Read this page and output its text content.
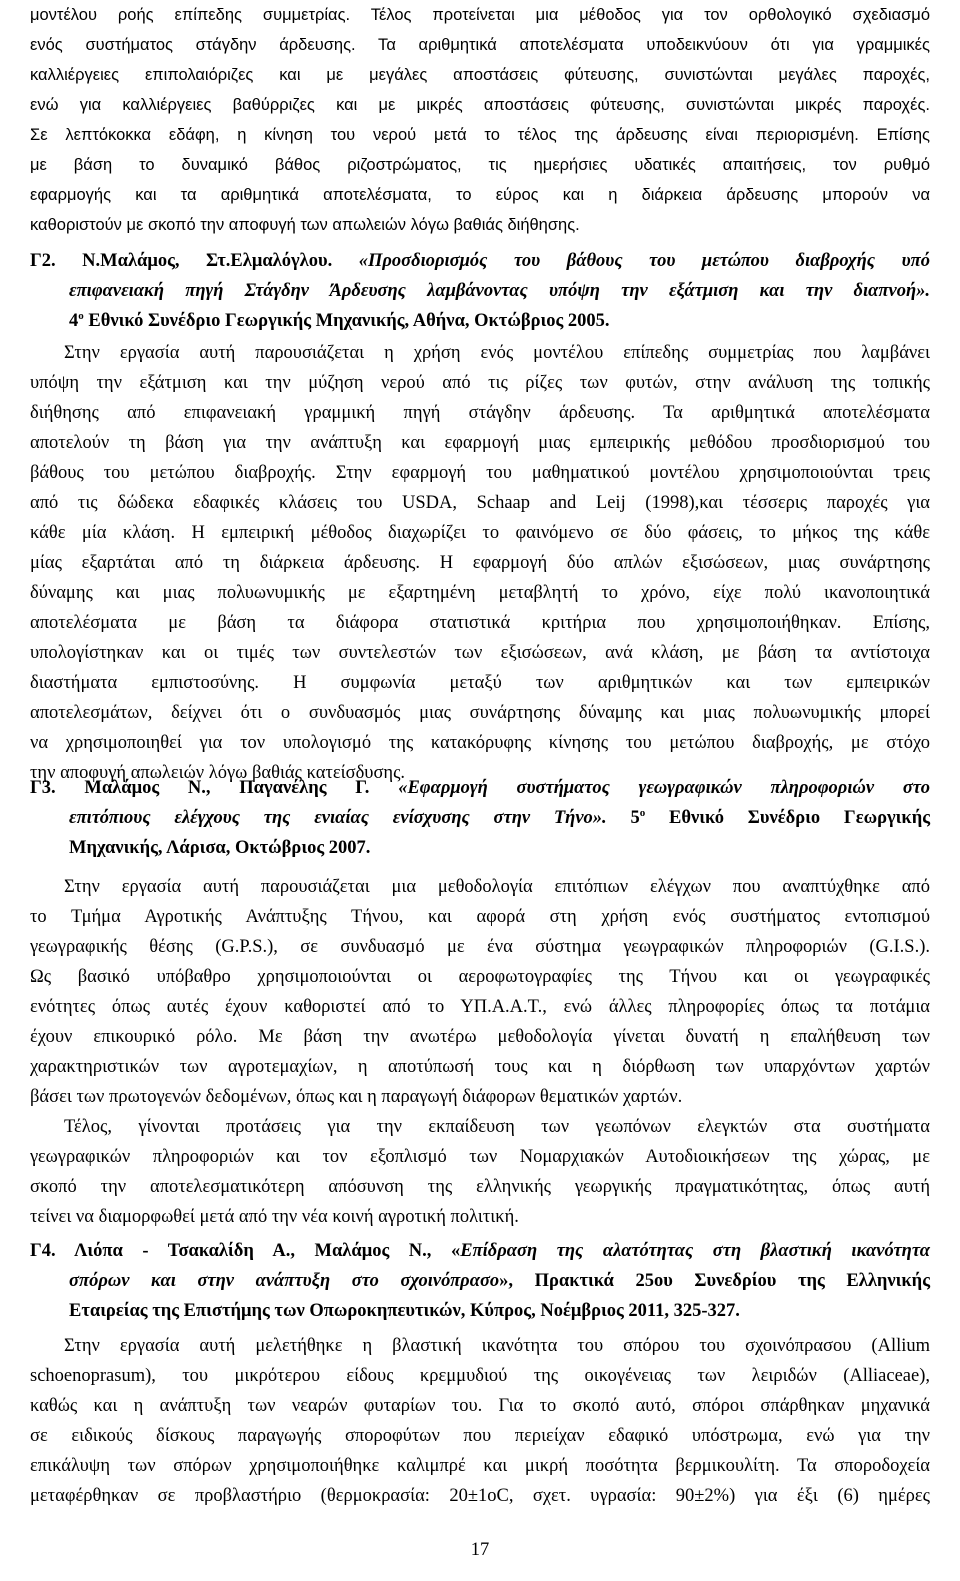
μοντέλου ροής επίπεδης συμμετρίας. Τέλος προτείνεται μια μέθοδος για τον ορθολογικό σχεδιασμό
ενός συστήματος στάγδην άρδευσης. Τα αριθμητικά αποτελέσματα υποδεικνύουν ότι για γραμμικές
καλλιέργειες επιπολαιόριζες και με μεγάλες αποστάσεις φύτευσης, συνιστώνται μεγάλες παροχές,
ενώ για καλλιέργειες βαθύρριζες και με μικρές αποστάσεις φύτευσης, συνιστώνται μικρές παροχές.
Σε λεπτόκοκκα εδάφη, η κίνηση του νερού μετά το τέλος της άρδευσης είναι περιορισμένη. Επίσης
με βάση το δυναμικό βάθος ριζοστρώματος, τις ημερήσιες υδατικές απαιτήσεις, τον ρυθμό
εφαρμογής και τα αριθμητικά αποτελέσματα, το εύρος και η διάρκεια άρδευσης μπορούν να
καθοριστούν με σκοπό την αποφυγή των απωλειών λόγω βαθιάς διήθησης.
Γ2. Ν.Μαλάμος, Στ.Ελμαλόγλου. «Προσδιορισμός του βάθους του μετώπου διαβροχής υπό
επιφανειακή πηγή Στάγδην Άρδευσης λαμβάνοντας υπόψη την εξάτμιση και την διαπνοή».
$4^o$ Εθνικό Συνέδριο Γεωργικής Μηχανικής, Αθήνα, Οκτώβριος 2005.
Στην εργασία αυτή παρουσιάζεται η χρήση ενός μοντέλου επίπεδης συμμετρίας που λαμβάνει
υπόψη την εξάτμιση και την μύζηση νερού από τις ρίζες των φυτών, στην ανάλυση της τοπικής
διήθησης από επιφανειακή γραμμική πηγή στάγδην άρδευσης. Τα αριθμητικά αποτελέσματα
αποτελούν τη βάση για την ανάπτυξη και εφαρμογή μιας εμπειρικής μεθόδου προσδιορισμού του
βάθους του μετώπου διαβροχής. Στην εφαρμογή του μαθηματικού μοντέλου χρησιμοποιούνται τρεις
από τις δώδεκα εδαφικές κλάσεις του USDA, Schaap and Leij (1998),και τέσσερις παροχές για
κάθε μία κλάση. Η εμπειρική μέθοδος διαχωρίζει το φαινόμενο σε δύο φάσεις, το μήκος της κάθε
μίας εξαρτάται από τη διάρκεια άρδευσης. Η εφαρμογή δύο απλών εξισώσεων, μιας συνάρτησης
δύναμης και μιας πολυωνυμικής με εξαρτημένη μεταβλητή το χρόνο, είχε πολύ ικανοποιητικά
αποτελέσματα με βάση τα διάφορα στατιστικά κριτήρια που χρησιμοποιήθηκαν. Επίσης,
υπολογίστηκαν και οι τιμές των συντελεστών των εξισώσεων, ανά κλάση, με βάση τα αντίστοιχα
διαστήματα εμπιστοσύνης. Η συμφωνία μεταξύ των αριθμητικών και των εμπειρικών
αποτελεσμάτων, δείχνει ότι ο συνδυασμός μιας συνάρτησης δύναμης και μιας πολυωνυμικής μπορεί
να χρησιμοποιηθεί για τον υπολογισμό της κατακόρυφης κίνησης του μετώπου διαβροχής, με στόχο
την αποφυγή απωλειών λόγω βαθιάς κατείσδυσης.
Γ3. Μαλάμος Ν., Παγανέλης Γ. «Εφαρμογή συστήματος γεωγραφικών πληροφοριών στο
επιτόπιους ελέγχους της ενιαίας ενίσχυσης στην Τήνο». $5^o$ Εθνικό Συνέδριο Γεωργικής
Μηχανικής, Λάρισα, Οκτώβριος 2007.
Στην εργασία αυτή παρουσιάζεται μια μεθοδολογία επιτόπιων ελέγχων που αναπτύχθηκε από
το Τμήμα Αγροτικής Ανάπτυξης Τήνου, και αφορά στη χρήση ενός συστήματος εντοπισμού
γεωγραφικής θέσης (G.P.S.), σε συνδυασμό με ένα σύστημα γεωγραφικών πληροφοριών (G.I.S.).
Ως βασικό υπόβαθρο χρησιμοποιούνται οι αεροφωτογραφίες της Τήνου και οι γεωγραφικές
ενότητες όπως αυτές έχουν καθοριστεί από το ΥΠ.Α.Α.Τ., ενώ άλλες πληροφορίες όπως τα ποτάμια
έχουν επικουρικό ρόλο. Με βάση την ανωτέρω μεθοδολογία γίνεται δυνατή η επαλήθευση των
χαρακτηριστικών των αγροτεμαχίων, η αποτύπωσή τους και η διόρθωση των υπαρχόντων χαρτών
βάσει των πρωτογενών δεδομένων, όπως και η παραγωγή διάφορων θεματικών χαρτών.
Τέλος, γίνονται προτάσεις για την εκπαίδευση των γεωπόνων ελεγκτών στα συστήματα
γεωγραφικών πληροφοριών και τον εξοπλισμό των Νομαρχιακών Αυτοδιοικήσεων της χώρας, με
σκοπό την αποτελεσματικότερη απόσυνση της ελληνικής γεωργικής πραγματικότητας, όπως αυτή
τείνει να διαμορφωθεί μετά από την νέα κοινή αγροτική πολιτική.
Γ4. Λιόπα - Τσακαλίδη Α., Μαλάμος Ν., «Επίδραση της αλατότητας στη βλαστική ικανότητα
σπόρων και στην ανάπτυξη στο σχοινόπρασο», Πρακτικά 25ου Συνεδρίου της Ελληνικής
Εταιρείας της Επιστήμης των Οπωροκηπευτικών, Κύπρος, Νοέμβριος 2011, 325-327.
Στην εργασία αυτή μελετήθηκε η βλαστική ικανότητα του σπόρου του σχοινόπρασου (Allium
schoenoprasum), του μικρότερου είδους κρεμμυδιού της οικογένειας των λειριδών (Alliaceae),
καθώς και η ανάπτυξη των νεαρών φυταρίων του. Για το σκοπό αυτό, σπόροι σπάρθηκαν μηχανικά
σε ειδικούς δίσκους παραγωγής σποροφύτων που περιείχαν εδαφικό υπόστρωμα, ενώ για την
επικάλυψη των σπόρων χρησιμοποιήθηκε καλιμπρέ και μικρή ποσότητα βερμικουλίτη. Τα σποροδοχεία
μεταφέρθηκαν σε προβλαστήριο (θερμοκρασία: 20±1oC, σχετ. υγρασία: 90±2%) για έξι (6) ημέρες
17
